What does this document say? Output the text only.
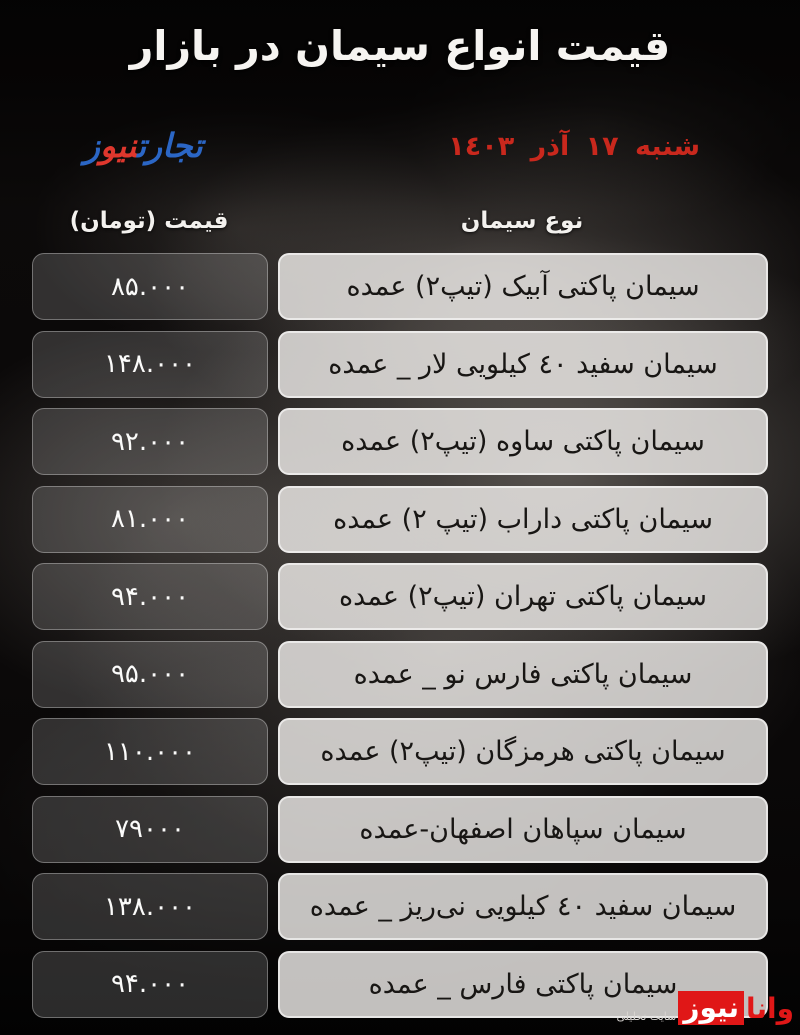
قیمت انواع سیمان در بازار
شنبه ١٧ آذر ١٤٠٣
تجارتنیوز
قیمت (تومان)	نوع سیمان
۸۵.۰۰۰	سیمان پاکتی آبیک (تیپ۲) عمده
۱۴۸.۰۰۰	سیمان سفید ٤٠ کیلویی لار _ عمده
۹۲.۰۰۰	سیمان پاکتی ساوه (تیپ۲) عمده
۸۱.۰۰۰	سیمان پاکتی داراب (تیپ ۲) عمده
۹۴.۰۰۰	سیمان پاکتی تهران (تیپ۲) عمده
۹۵.۰۰۰	سیمان پاکتی فارس نو _ عمده
۱۱۰.۰۰۰	سیمان پاکتی هرمزگان (تیپ۲) عمده
۷۹۰۰۰	سیمان سپاهان اصفهان-عمده
۱۳۸.۰۰۰	سیمان سفید ٤٠ کیلویی نی‌ریز _ عمده
۹۴.۰۰۰	سیمان پاکتی فارس _ عمده
وانا
نیوز
سایت تحلیلی
